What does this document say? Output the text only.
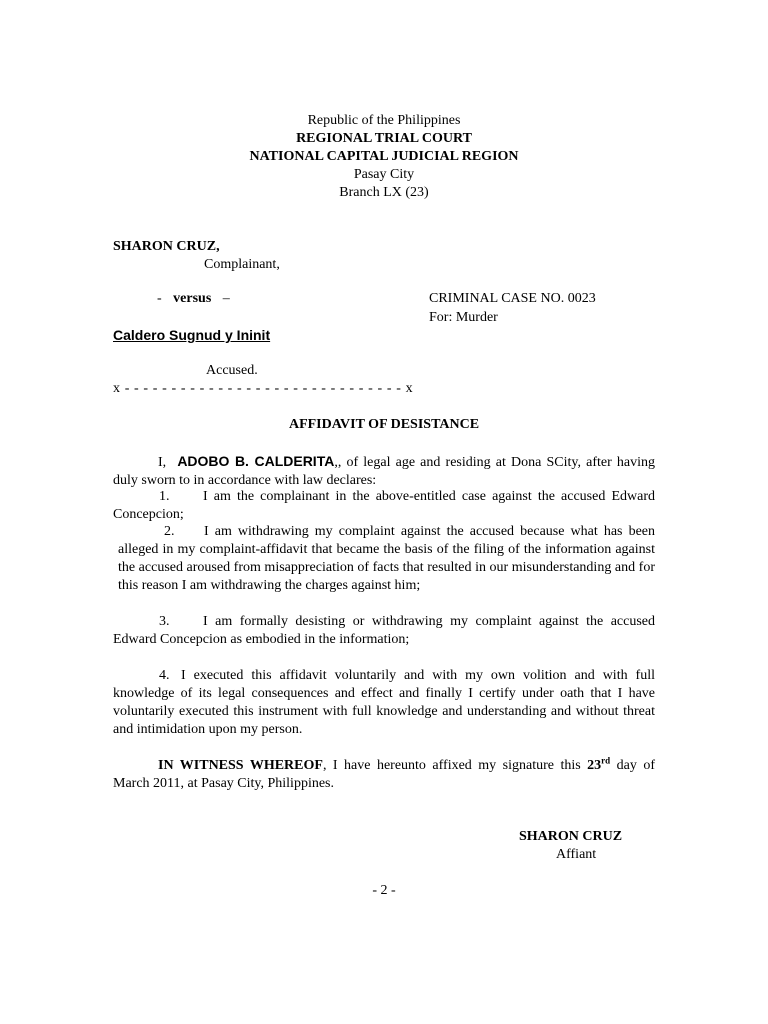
Republic of the Philippines
REGIONAL TRIAL COURT
NATIONAL CAPITAL JUDICIAL REGION
Pasay City
Branch LX (23)
SHARON CRUZ,
Complainant,
- versus –	CRIMINAL CASE NO. 0023
For: Murder
Caldero Sugnud y Ininit
Accused.
x - - - - - - - - - - - - - - - - - - - - - - - - - - - - - - x
AFFIDAVIT OF DESISTANCE
I, ADOBO B. CALDERITA,, of legal age and residing at Dona SCity, after having duly sworn to in accordance with law declares:
1. I am the complainant in the above-entitled case against the accused Edward Concepcion;
2. I am withdrawing my complaint against the accused because what has been alleged in my complaint-affidavit that became the basis of the filing of the information against the accused aroused from misappreciation of facts that resulted in our misunderstanding and for this reason I am withdrawing the charges against him;
3. I am formally desisting or withdrawing my complaint against the accused Edward Concepcion as embodied in the information;
4. I executed this affidavit voluntarily and with my own volition and with full knowledge of its legal consequences and effect and finally I certify under oath that I have voluntarily executed this instrument with full knowledge and understanding and without threat and intimidation upon my person.
IN WITNESS WHEREOF, I have hereunto affixed my signature this 23rd day of March 2011, at Pasay City, Philippines.
SHARON CRUZ
Affiant
- 2 -
